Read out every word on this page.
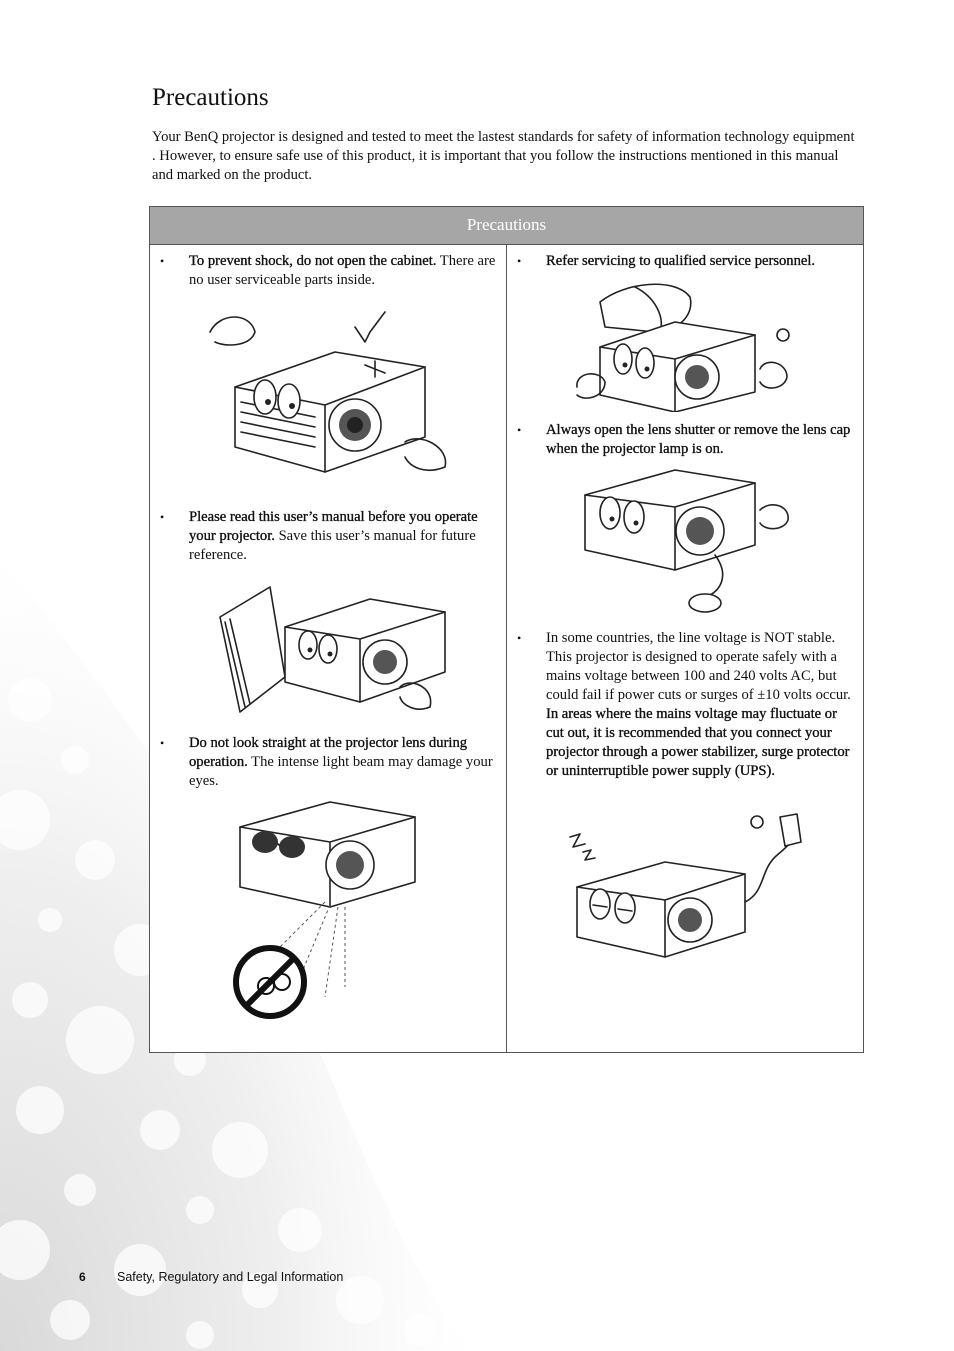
Precautions

Your BenQ projector is designed and tested to meet the lastest standards for safety of information technology equipment . However, to ensure safe use of this product, it is important that you follow the instructions mentioned in this manual and marked on the product.

Precautions
• To prevent shock, do not open the cabinet. There are no user serviceable parts inside.
• Please read this user’s manual before you operate your projector. Save this user’s manual for future reference.
• Do not look straight at the projector lens during operation. The intense light beam may damage your eyes.
• Refer servicing to qualified service personnel.
• Always open the lens shutter or remove the lens cap when the projector lamp is on.
• In some countries, the line voltage is NOT stable. This projector is designed to operate safely with a mains voltage between 100 and 240 volts AC, but could fail if power cuts or surges of ±10 volts occur. In areas where the mains voltage may fluctuate or cut out, it is recommended that you connect your projector through a power stabilizer, surge protector or uninterruptible power supply (UPS).
6	Safety, Regulatory and Legal Information
